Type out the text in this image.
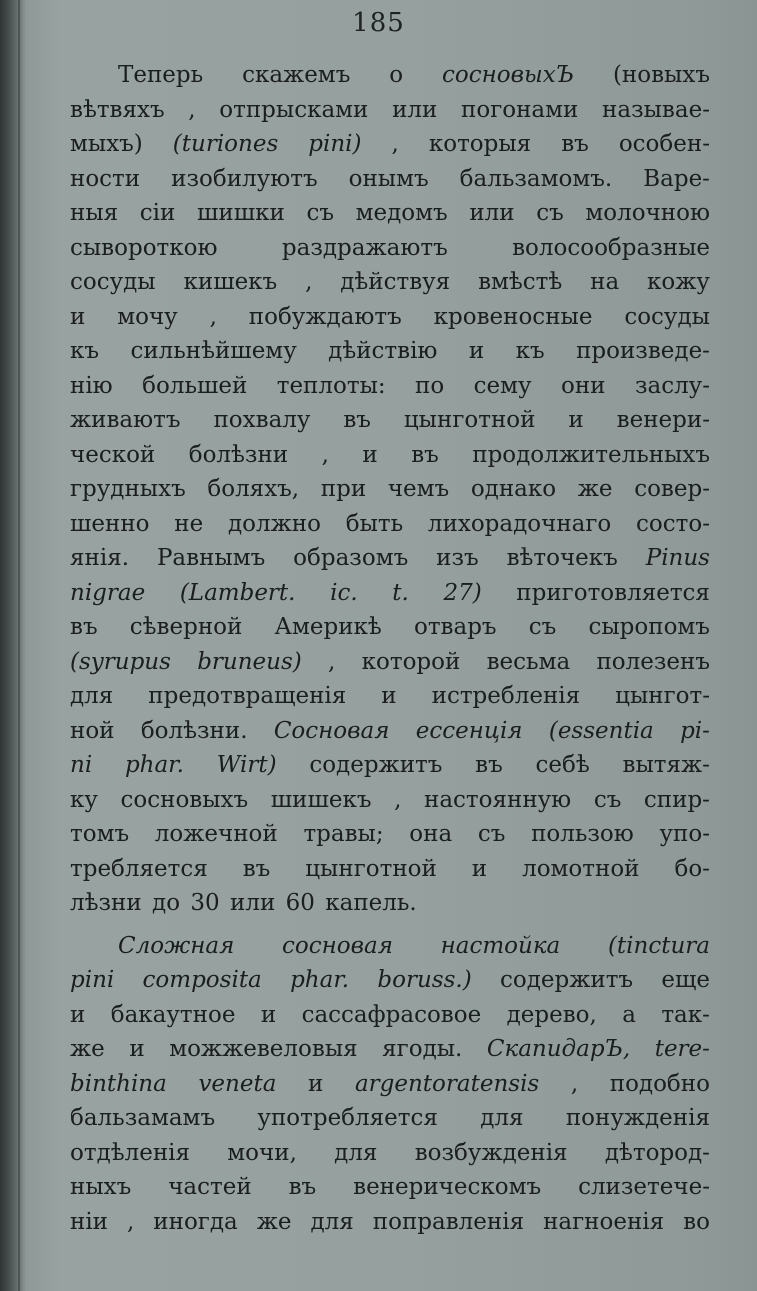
185
Теперь скажемъ о сосновыхЪ (новыхъ
вѣтвяхъ , отпрысками или погонами называе-
мыхъ) (turiones pini) , которыя въ особен-
ности изобилуютъ онымъ бальзамомъ. Варе-
ныя сіи шишки съ медомъ или съ молочною
сывороткою	раздражаютъ	волосообразные
сосуды кишекъ , дѣйствуя вмѣстѣ на кожу
и мочу , побуждаютъ кровеносные сосуды
къ сильнѣйшему дѣйствію и къ произведе-
нію большей теплоты: по сему они заслу-
живаютъ похвалу въ цынготной и венери-
ческой болѣзни , и въ продолжительныхъ
грудныхъ боляхъ, при чемъ однако же совер-
шенно не должно быть лихорадочнаго состо-
янія. Равнымъ образомъ изъ вѣточекъ Pinus
nigrae (Lambert. ic. t. 27) приготовляется
въ сѣверной Америкѣ отваръ съ сыропомъ
(syrupus bruneus) , которой весьма полезенъ
для предотвращенія и истребленія цынгот-
ной болѣзни. Сосновая ессенція (essentia pi-
ni phar. Wirt) содержитъ въ себѣ вытяж-
ку сосновыхъ шишекъ , настоянную съ спир-
томъ ложечной травы; она съ пользою упо-
требляется въ цынготной и ломотной бо-
лѣзни до 30 или 60 капель.
Сложная сосновая настойка (tinctura
pini composita phar. boruss.) содержитъ еще
и бакаутное и сассафрасовое дерево, а так-
же и можжевеловыя ягоды. СкапидарЪ, tere-
binthina veneta и argentoratensis , подобно
бальзамамъ употребляется для понужденія
отдѣленія мочи, для возбужденія дѣтород-
ныхъ частей въ венерическомъ слизетече-
ніи , иногда же для поправленія нагноенія во
